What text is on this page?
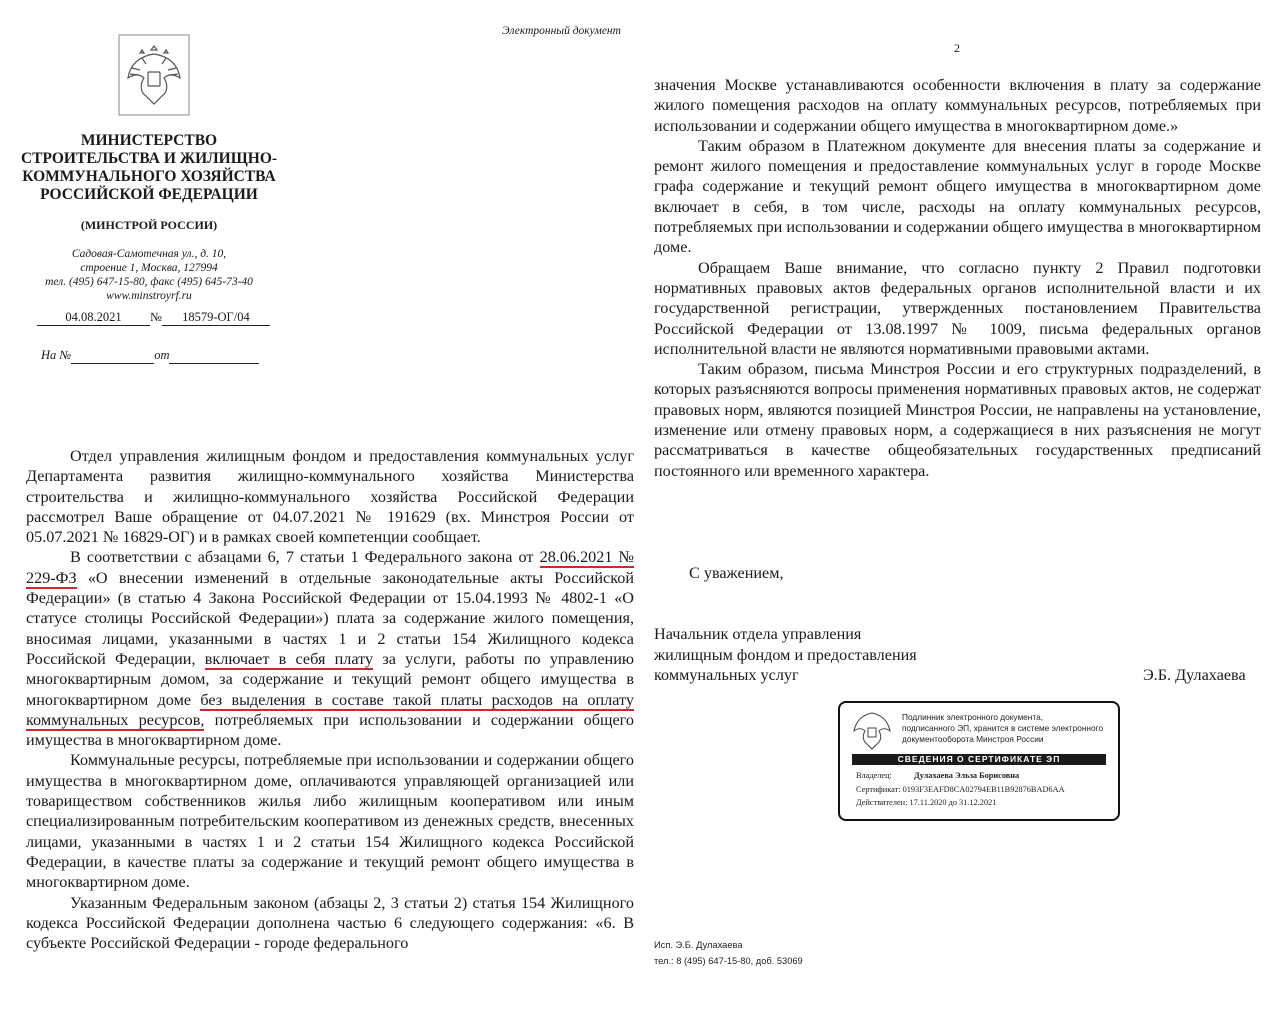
Электронный документ
2
МИНИСТЕРСТВО СТРОИТЕЛЬСТВА И ЖИЛИЩНО-КОММУНАЛЬНОГО ХОЗЯЙСТВА РОССИЙСКОЙ ФЕДЕРАЦИИ
(МИНСТРОЙ РОССИИ)
Садовая-Самотечная ул., д. 10,
строение 1, Москва, 127994
тел. (495) 647-15-80, факс (495) 645-73-40
www.minstroyrf.ru
04.08.2021 № 18579-ОГ/04
На №	от

Отдел управления жилищным фондом и предоставления коммунальных услуг Департамента развития жилищно-коммунального хозяйства Министерства строительства и жилищно-коммунального хозяйства Российской Федерации рассмотрел Ваше обращение от 04.07.2021 № 191629 (вх. Минстроя России от 05.07.2021 № 16829-ОГ) и в рамках своей компетенции сообщает.

В соответствии с абзацами 6, 7 статьи 1 Федерального закона от 28.06.2021 № 229-ФЗ «О внесении изменений в отдельные законодательные акты Российской Федерации» (в статью 4 Закона Российской Федерации от 15.04.1993 № 4802-1 «О статусе столицы Российской Федерации») плата за содержание жилого помещения, вносимая лицами, указанными в частях 1 и 2 статьи 154 Жилищного кодекса Российской Федерации, включает в себя плату за услуги, работы по управлению многоквартирным домом, за содержание и текущий ремонт общего имущества в многоквартирном доме без выделения в составе такой платы расходов на оплату коммунальных ресурсов, потребляемых при использовании и содержании общего имущества в многоквартирном доме.

Коммунальные ресурсы, потребляемые при использовании и содержании общего имущества в многоквартирном доме, оплачиваются управляющей организацией или товариществом собственников жилья либо жилищным кооперативом или иным специализированным потребительским кооперативом из денежных средств, внесенных лицами, указанными в частях 1 и 2 статьи 154 Жилищного кодекса Российской Федерации, в качестве платы за содержание и текущий ремонт общего имущества в многоквартирном доме.

Указанным Федеральным законом (абзацы 2, 3 статьи 2) статья 154 Жилищного кодекса Российской Федерации дополнена частью 6 следующего содержания: «6. В субъекте Российской Федерации - городе федерального

значения Москве устанавливаются особенности включения в плату за содержание жилого помещения расходов на оплату коммунальных ресурсов, потребляемых при использовании и содержании общего имущества в многоквартирном доме.»

Таким образом в Платежном документе для внесения платы за содержание и ремонт жилого помещения и предоставление коммунальных услуг в городе Москве графа содержание и текущий ремонт общего имущества в многоквартирном доме включает в себя, в том числе, расходы на оплату коммунальных ресурсов, потребляемых при использовании и содержании общего имущества в многоквартирном доме.

Обращаем Ваше внимание, что согласно пункту 2 Правил подготовки нормативных правовых актов федеральных органов исполнительной власти и их государственной регистрации, утвержденных постановлением Правительства Российской Федерации от 13.08.1997 № 1009, письма федеральных органов исполнительной власти не являются нормативными правовыми актами.

Таким образом, письма Минстроя России и его структурных подразделений, в которых разъясняются вопросы применения нормативных правовых актов, не содержат правовых норм, являются позицией Минстроя России, не направлены на установление, изменение или отмену правовых норм, а содержащиеся в них разъяснения не могут рассматриваться в качестве общеобязательных государственных предписаний постоянного или временного характера.

С уважением,
Начальник отдела управления
жилищным фондом и предоставления
коммунальных услуг	Э.Б. Дулахаева
Подлинник электронного документа,
подписанного ЭП, хранится в системе электронного
документооборота Минстроя России
СВЕДЕНИЯ О СЕРТИФИКАТЕ ЭП
Владелец:	Дулахаева Эльза Борисовна
Сертификат: 0193F3EAFD8CA02794EB11B92876BAD6AA
Действителен: 17.11.2020 до 31.12.2021
Исп. Э.Б. Дулахаева
тел.: 8 (495) 647-15-80, доб. 53069
